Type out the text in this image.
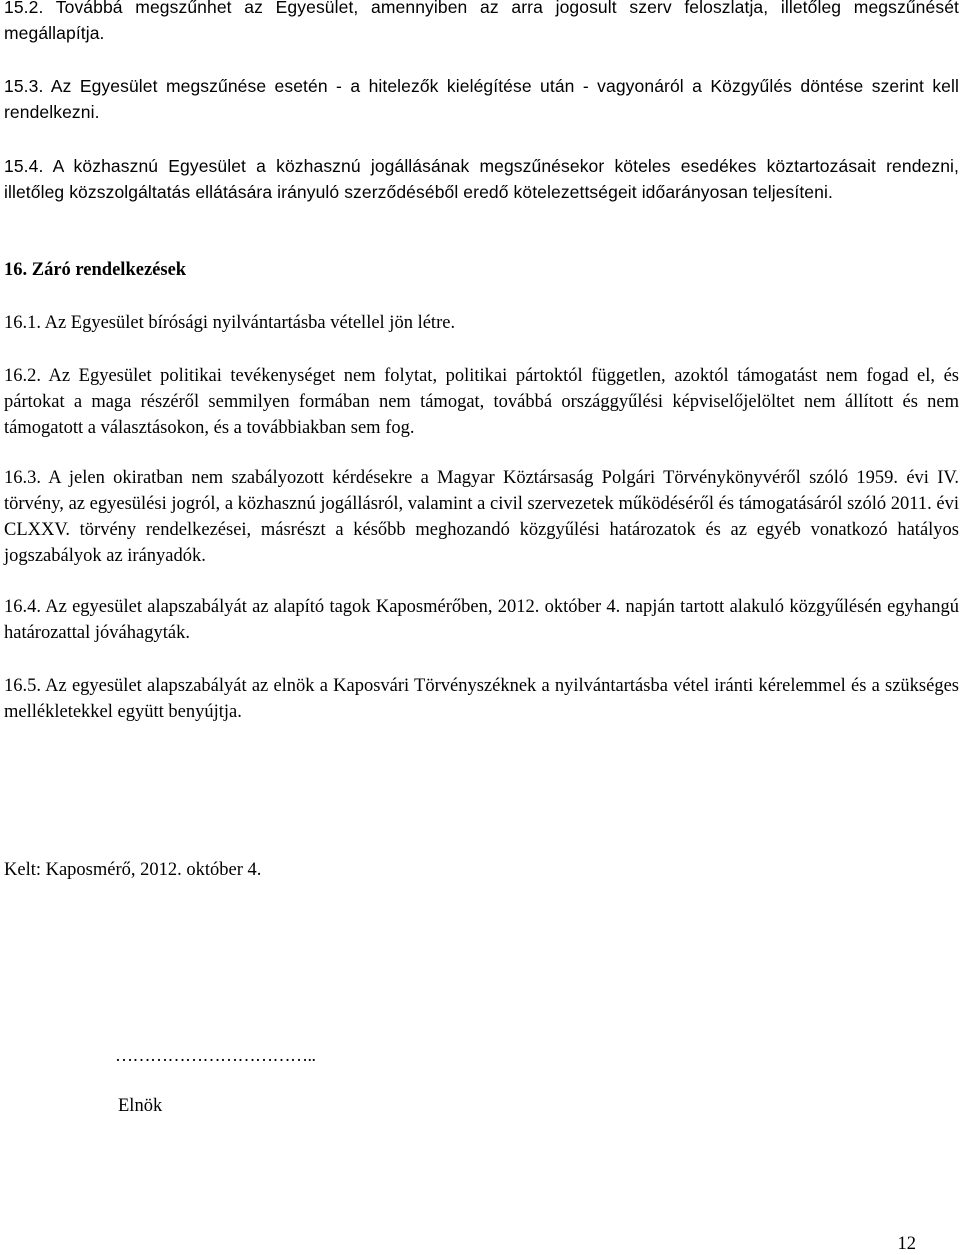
15.2. Továbbá megszűnhet az Egyesület, amennyiben az arra jogosult szerv feloszlatja, illetőleg megszűnését megállapítja.

15.3. Az Egyesület megszűnése esetén - a hitelezők kielégítése után - vagyonáról a Közgyűlés döntése szerint kell rendelkezni.

15.4. A közhasznú Egyesület a közhasznú jogállásának megszűnésekor köteles esedékes köztartozásait rendezni, illetőleg közszolgáltatás ellátására irányuló szerződéséből eredő kötelezettségeit időarányosan teljesíteni.

16. Záró rendelkezések

16.1. Az Egyesület bírósági nyilvántartásba vétellel jön létre.

16.2. Az Egyesület politikai tevékenységet nem folytat, politikai pártoktól független, azoktól támogatást nem fogad el, és pártokat a maga részéről semmilyen formában nem támogat, továbbá országgyűlési képviselőjelöltet nem állított és nem támogatott a választásokon, és a továbbiakban sem fog.

16.3. A jelen okiratban nem szabályozott kérdésekre a Magyar Köztársaság Polgári Törvénykönyvéről szóló 1959. évi IV. törvény, az egyesülési jogról, a közhasznú jogállásról, valamint a civil szervezetek működéséről és támogatásáról szóló 2011. évi CLXXV. törvény rendelkezései, másrészt a később meghozandó közgyűlési határozatok és az egyéb vonatkozó hatályos jogszabályok az irányadók.

16.4. Az egyesület alapszabályát az alapító tagok Kaposmérőben, 2012. október 4. napján tartott alakuló közgyűlésén egyhangú határozattal jóváhagyták.

16.5. Az egyesület alapszabályát az elnök a Kaposvári Törvényszéknek a nyilvántartásba vétel iránti kérelemmel és a szükséges mellékletekkel együtt benyújtja.

Kelt: Kaposmérő, 2012. október 4.

……………………………..
Elnök
12
